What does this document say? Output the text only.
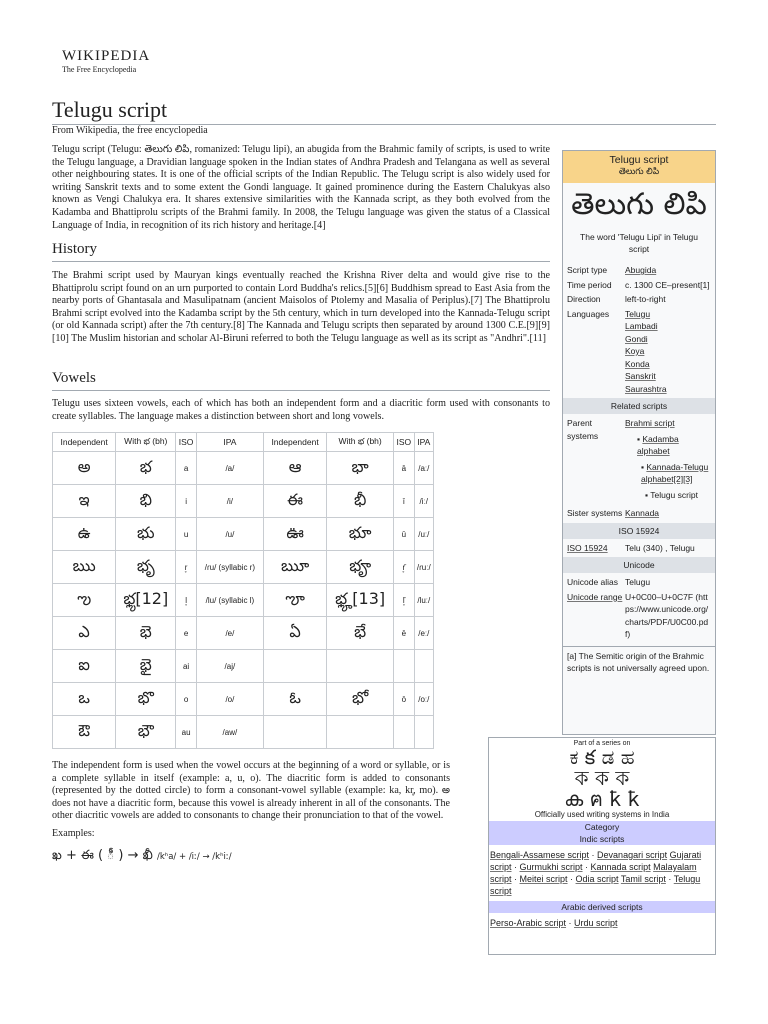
WIKIPEDIA
The Free Encyclopedia
Telugu script
From Wikipedia, the free encyclopedia
Telugu script (Telugu: తెలుగు లిపి, romanized: Telugu lipi), an abugida from the Brahmic family of scripts, is used to write the Telugu language, a Dravidian language spoken in the Indian states of Andhra Pradesh and Telangana as well as several other neighbouring states. It is one of the official scripts of the Indian Republic. The Telugu script is also widely used for writing Sanskrit texts and to some extent the Gondi language. It gained prominence during the Eastern Chalukyas also known as Vengi Chalukya era. It shares extensive similarities with the Kannada script, as they both evolved from the Kadamba and Bhattiprolu scripts of the Brahmi family. In 2008, the Telugu language was given the status of a Classical Language of India, in recognition of its rich history and heritage.[4]
History
The Brahmi script used by Mauryan kings eventually reached the Krishna River delta and would give rise to the Bhattiprolu script found on an urn purported to contain Lord Buddha's relics.[5][6] Buddhism spread to East Asia from the nearby ports of Ghantasala and Masulipatnam (ancient Maisolos of Ptolemy and Masalia of Periplus).[7] The Bhattiprolu Brahmi script evolved into the Kadamba script by the 5th century, which in turn developed into the Kannada-Telugu script (or old Kannada script) after the 7th century.[8] The Kannada and Telugu scripts then separated by around 1300 C.E.[9][9][10] The Muslim historian and scholar Al-Biruni referred to both the Telugu language as well as its script as "Andhri".[11]
Vowels
Telugu uses sixteen vowels, each of which has both an independent form and a diacritic form used with consonants to create syllables. The language makes a distinction between short and long vowels.
Independent	With భ (bh)	ISO	IPA	Independent	With భ (bh)	ISO	IPA
అ	భ	a	/a/	ఆ	భా	ā	/aː/
ఇ	భి	i	/i/	ఈ	భీ	ī	/iː/
ఉ	భు	u	/u/	ఊ	భూ	ū	/uː/
ఋ	భృ	r̥	/ɾu/ (syllabic r)	ౠ	భౄ	r̥̄	/ɾuː/
ఌ	భౢ[12]	l̥	/lu/ (syllabic l)	ౡ	భౣ[13]	l̥̄	/luː/
ఎ	భె	e	/e/	ఏ	భే	ē	/eː/
ఐ	భై	ai	/aj/				
ఒ	భొ	o	/o/	ఓ	భో	ō	/oː/
ఔ	భౌ	au	/aw/				
The independent form is used when the vowel occurs at the beginning of a word or syllable, or is a complete syllable in itself (example: a, u, o). The diacritic form is added to consonants (represented by the dotted circle) to form a consonant-vowel syllable (example: ka, kr̥, mo). అ does not have a diacritic form, because this vowel is already inherent in all of the consonants. The other diacritic vowels are added to consonants to change their pronunciation to that of the vowel.
Examples:
ఖ + ఈ ( ీ ) → ఖీ /kʰa/ + /iː/ → /kʰiː/
Telugu script
తెలుగు లిపి
తెలుగు లిపి
The word 'Telugu Lipi' in Telugu script
Script type	Abugida
Time period	c. 1300 CE–present[1]
Direction	left-to-right
Languages	Telugu
Lambadi
Gondi
Koya
Konda
Sanskrit
Saurashtra
Related scripts
Parent systems
Brahmi script
▪ Kadamba alphabet
▪ Kannada-Telugu alphabet[2][3]
▪ Telugu script
Sister systems Kannada
ISO 15924
ISO 15924	Telu (340) , Telugu
Unicode
Unicode alias Telugu
Unicode range U+0C00–U+0C7F (https://www.unicode.org/charts/PDF/U0C00.pdf)
[a] The Semitic origin of the Brahmic scripts is not universally agreed upon.
Part of a series on
ಕ క ಡ ಹ
ক ক ক
ക ฅ ҟ ҟ
Officially used writing systems in India
Category
Indic scripts
Bengali-Assamese script · Devanagari script Gujarati script · Gurmukhi script · Kannada script Malayalam script · Meitei script · Odia script Tamil script · Telugu script
Arabic derived scripts
Perso-Arabic script · Urdu script
